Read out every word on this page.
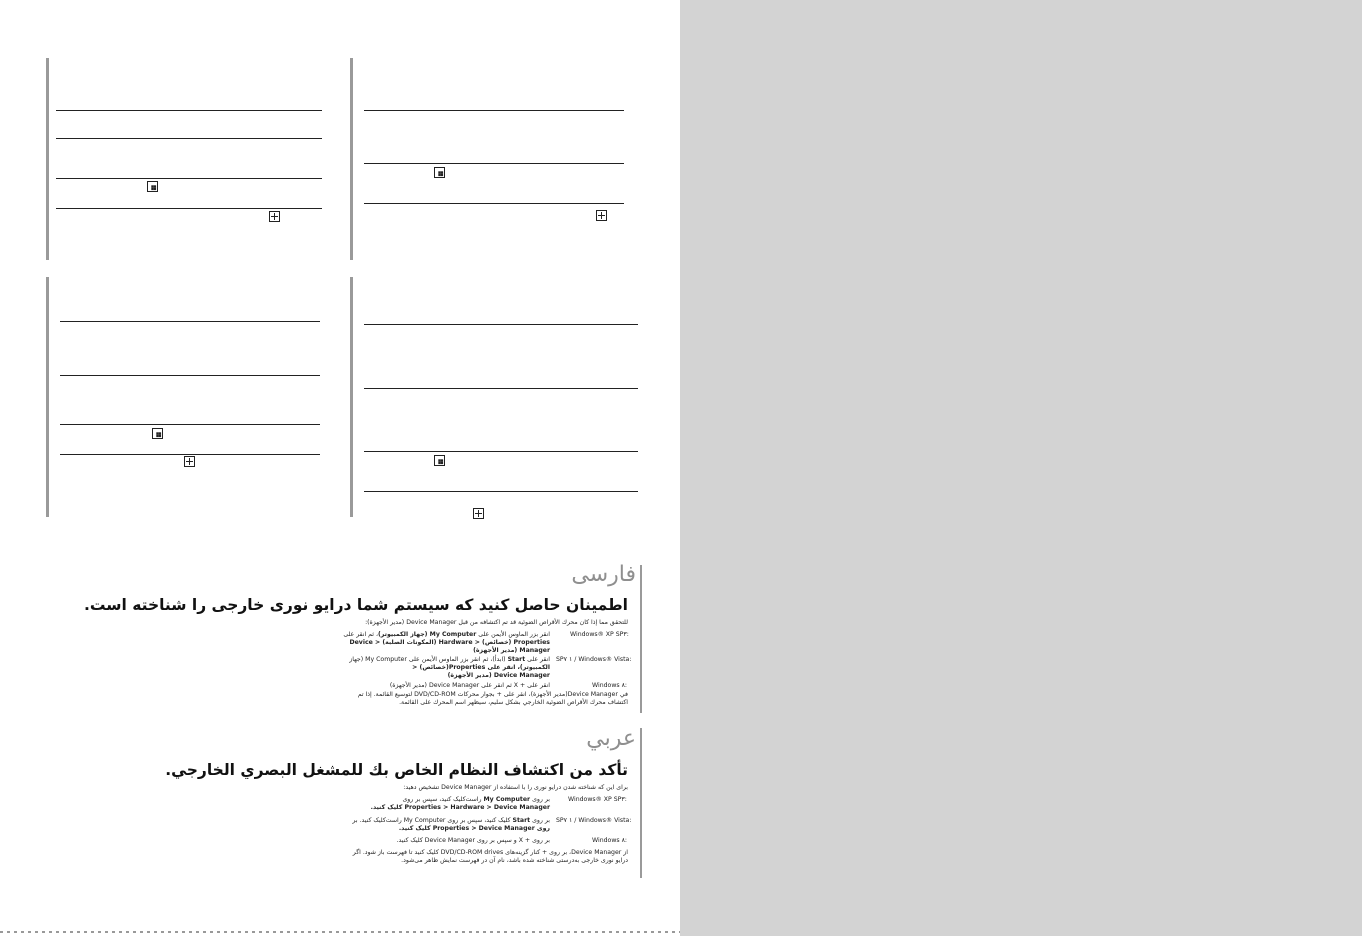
فارسی
اطمینان حاصل کنید که سیستم شما درایو نوری خارجی را شناخته است.
للتحقق مما إذا كان محرك الأقراص الضوئية قد تم اكتشافه من قبل Device Manager (مدير الأجهزة):
Windows® XP SP٣:
انقر بزر الماوس الأيمن على My Computer (جهاز الكمبيوتر)، ثم انقر على
Properties (خصائص) < Hardware (المكونات الصلبة) < Device
Manager (مدير الأجهزة)
SP١ ٧ / Windows® Vista:
انقر على Start (ابدأ)، ثم انقر بزر الماوس الأيمن على My Computer (جهاز
الكمبيوتر)، انقر على Properties(خصائص) <
Device Manager (مدير الأجهزة)
Windows ٨:
انقر على + X ثم انقر على Device Manager (مدير الأجهزة)
في Device Manager(مدير الأجهزة)، انقر على + بجوار محركات DVD/CD-ROM لتوسيع القائمة. إذا تم
اكتشاف محرك الأقراص الضوئية الخارجي بشكل سليم، سيظهر اسم المحرك على القائمة.
عربي
تأكد من اكتشاف النظام الخاص بك للمشغل البصري الخارجي.
برای این که شناخته شدن درایو نوری را با استفاده از Device Manager تشخیص دهید:
Windows® XP SP٣:
بر روی My Computer راست‌کلیک کنید، سپس بر روی
Properties > Hardware > Device Manager کلیک کنید.
SP١ ٧ / Windows® Vista:
بر روی Start کلیک کنید، سپس بر روی My Computer راست‌کلیک کنید. بر
روی Properties > Device Manager کلیک کنید.
Windows ٨:
بر روی + X و سپس بر روی Device Manager کلیک کنید.
از Device Manager، بر روی + کنار گزینه‌های DVD/CD-ROM drives کلیک کنید تا فهرست باز شود. اگر
درایو نوری خارجی به‌درستی شناخته شده باشد، نام آن در فهرست نمایش ظاهر می‌شود.
